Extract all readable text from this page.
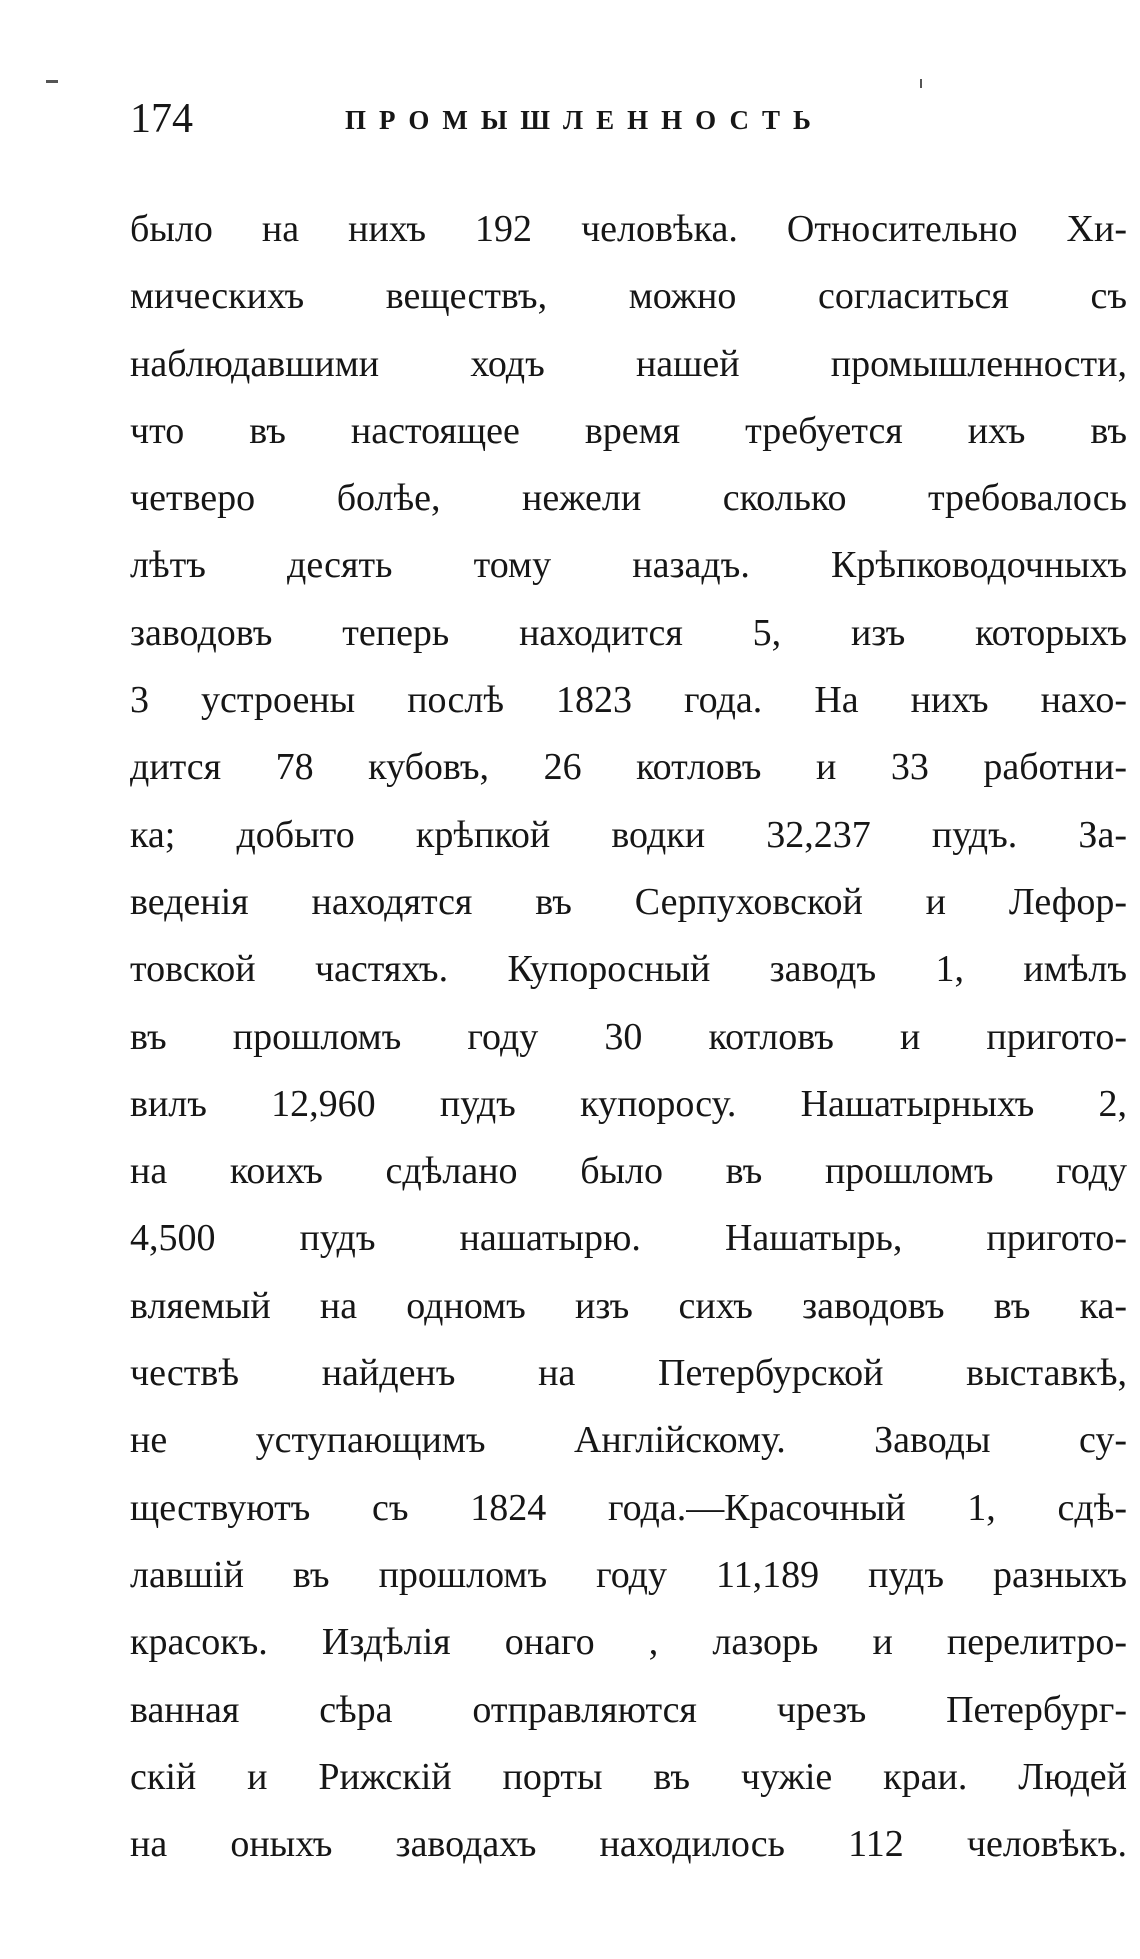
174	ПРОМЫШЛЕННОСТЬ
было на нихъ 192 человѣка. Относительно Хи-
мическихъ веществъ, можно согласиться съ
наблюдавшими ходъ нашей промышленности,
что въ настоящее время требуется ихъ въ
четверо болѣе, нежели сколько требовалось
лѣтъ десять тому назадъ. Крѣпководочныхъ
заводовъ теперь находится 5, изъ которыхъ
3 устроены послѣ 1823 года. На нихъ нахо-
дится 78 кубовъ, 26 котловъ и 33 работни-
ка; добыто крѣпкой водки 32,237 пудъ. За-
веденія находятся въ Серпуховской и Лефор-
товской частяхъ. Купоросный заводъ 1, имѣлъ
въ прошломъ году 30 котловъ и пригото-
вилъ 12,960 пудъ купоросу. Нашатырныхъ 2,
на коихъ сдѣлано было въ прошломъ году
4,500 пудъ нашатырю. Нашатырь, пригото-
вляемый на одномъ изъ сихъ заводовъ въ ка-
чествѣ найденъ на Петербурской выставкѣ,
не уступающимъ Англійскому. Заводы су-
ществуютъ съ 1824 года.—Красочный 1, сдѣ-
лавшій въ прошломъ году 11,189 пудъ разныхъ
красокъ. Издѣлія онаго , лазорь и перелитро-
ванная сѣра отправляются чрезъ Петербург-
скій и Рижскій порты въ чужіе краи. Людей
на оныхъ заводахъ находилось 112 человѣкъ.
